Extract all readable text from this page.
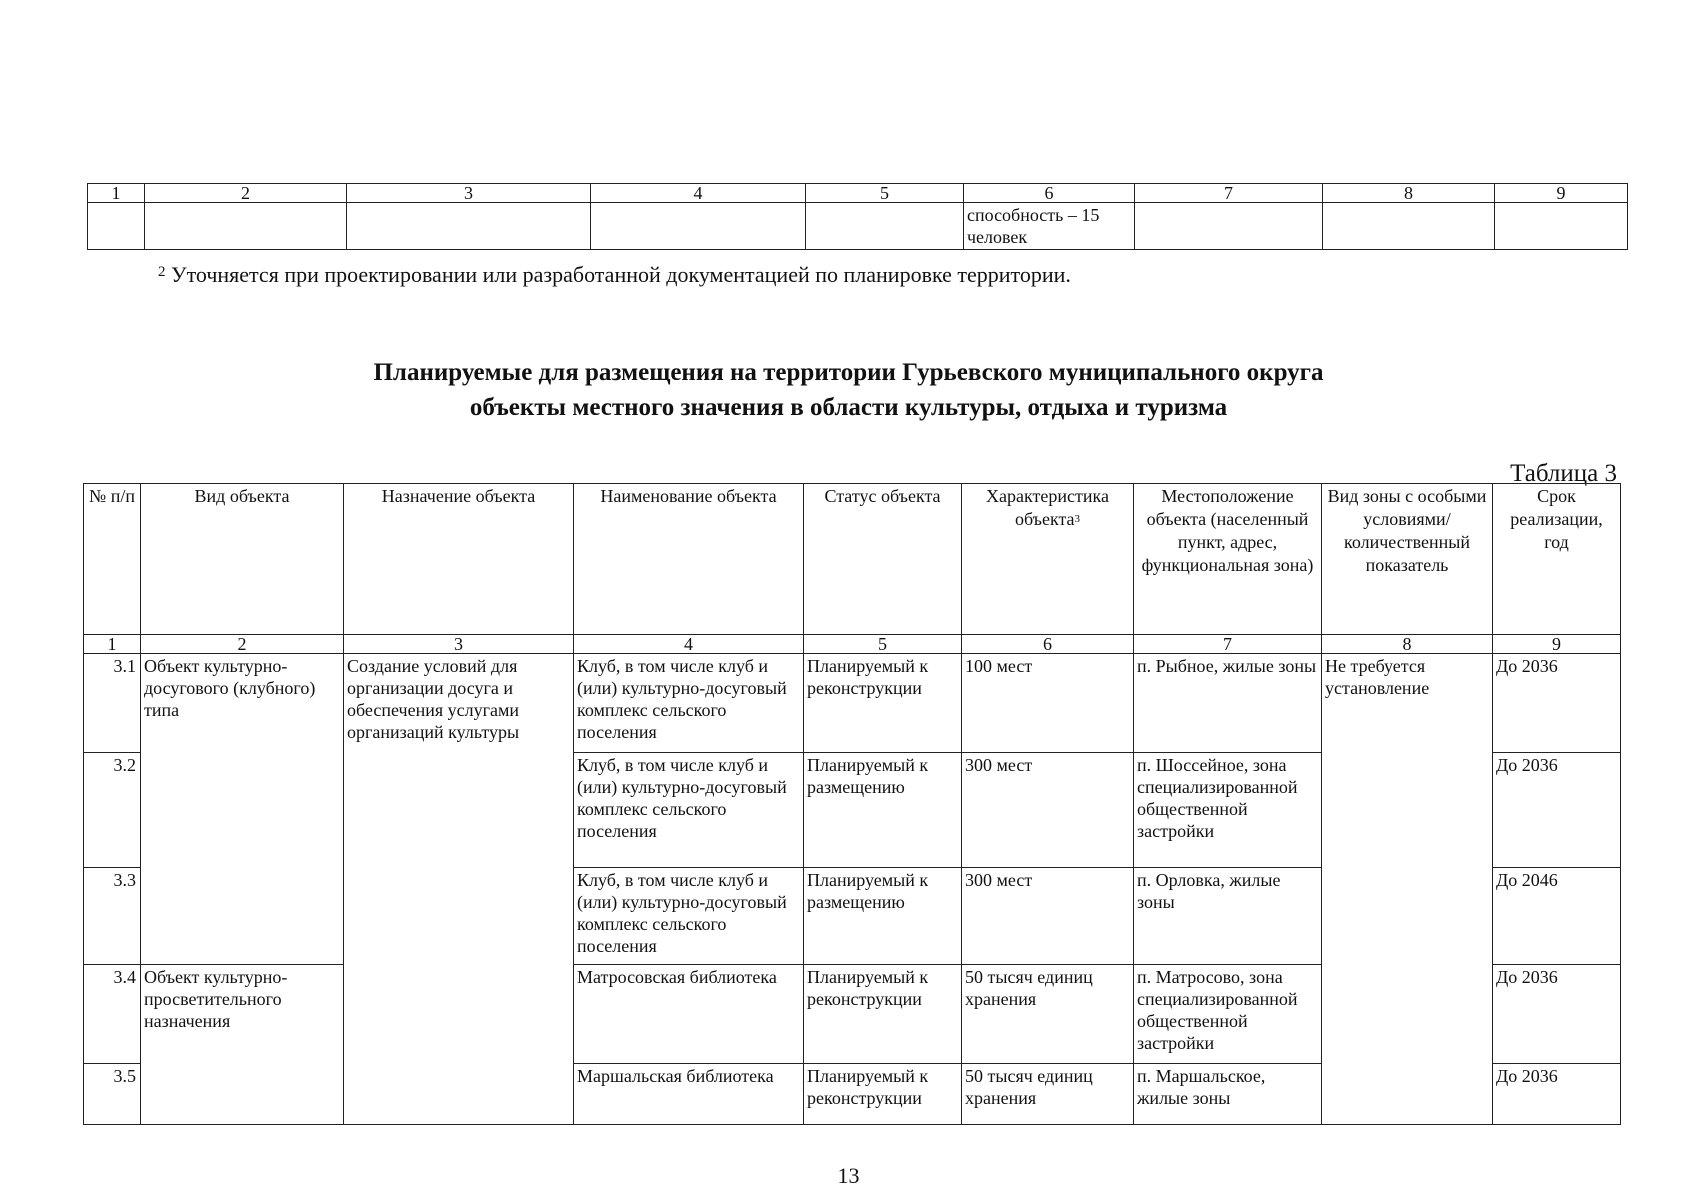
1	2	3	4	5	6	7	8	9
					способность – 15 человек			
$^2$ Уточняется при проектировании или разработанной документацией по планировке территории.
Планируемые для размещения на территории Гурьевского муниципального округа
объекты местного значения в области культуры, отдыха и туризма
Таблица 3
№ п/п	Вид объекта	Назначение объекта	Наименование объекта	Статус объекта	Характеристика объекта$^3$	Местоположение объекта (населенный пункт, адрес, функциональная зона)	Вид зоны с особыми условиями/ количественный показатель	Срок реализации, год
1	2	3	4	5	6	7	8	9
3.1	Объект культурно-досугового (клубного) типа	Создание условий для организации досуга и обеспечения услугами организаций культуры	Клуб, в том числе клуб и (или) культурно-досуговый комплекс сельского поселения	Планируемый к реконструкции	100 мест	п. Рыбное, жилые зоны	Не требуется установление	До 2036
3.2			Клуб, в том числе клуб и (или) культурно-досуговый комплекс сельского поселения	Планируемый к размещению	300 мест	п. Шоссейное, зона специализированной общественной застройки		До 2036
3.3			Клуб, в том числе клуб и (или) культурно-досуговый комплекс сельского поселения	Планируемый к размещению	300 мест	п. Орловка, жилые зоны		До 2046
3.4	Объект культурно-просветительного назначения		Матросовская библиотека	Планируемый к реконструкции	50 тысяч единиц хранения	п. Матросово, зона специализированной общественной застройки		До 2036
3.5			Маршальская библиотека	Планируемый к реконструкции	50 тысяч единиц хранения	п. Маршальское, жилые зоны		До 2036
13
